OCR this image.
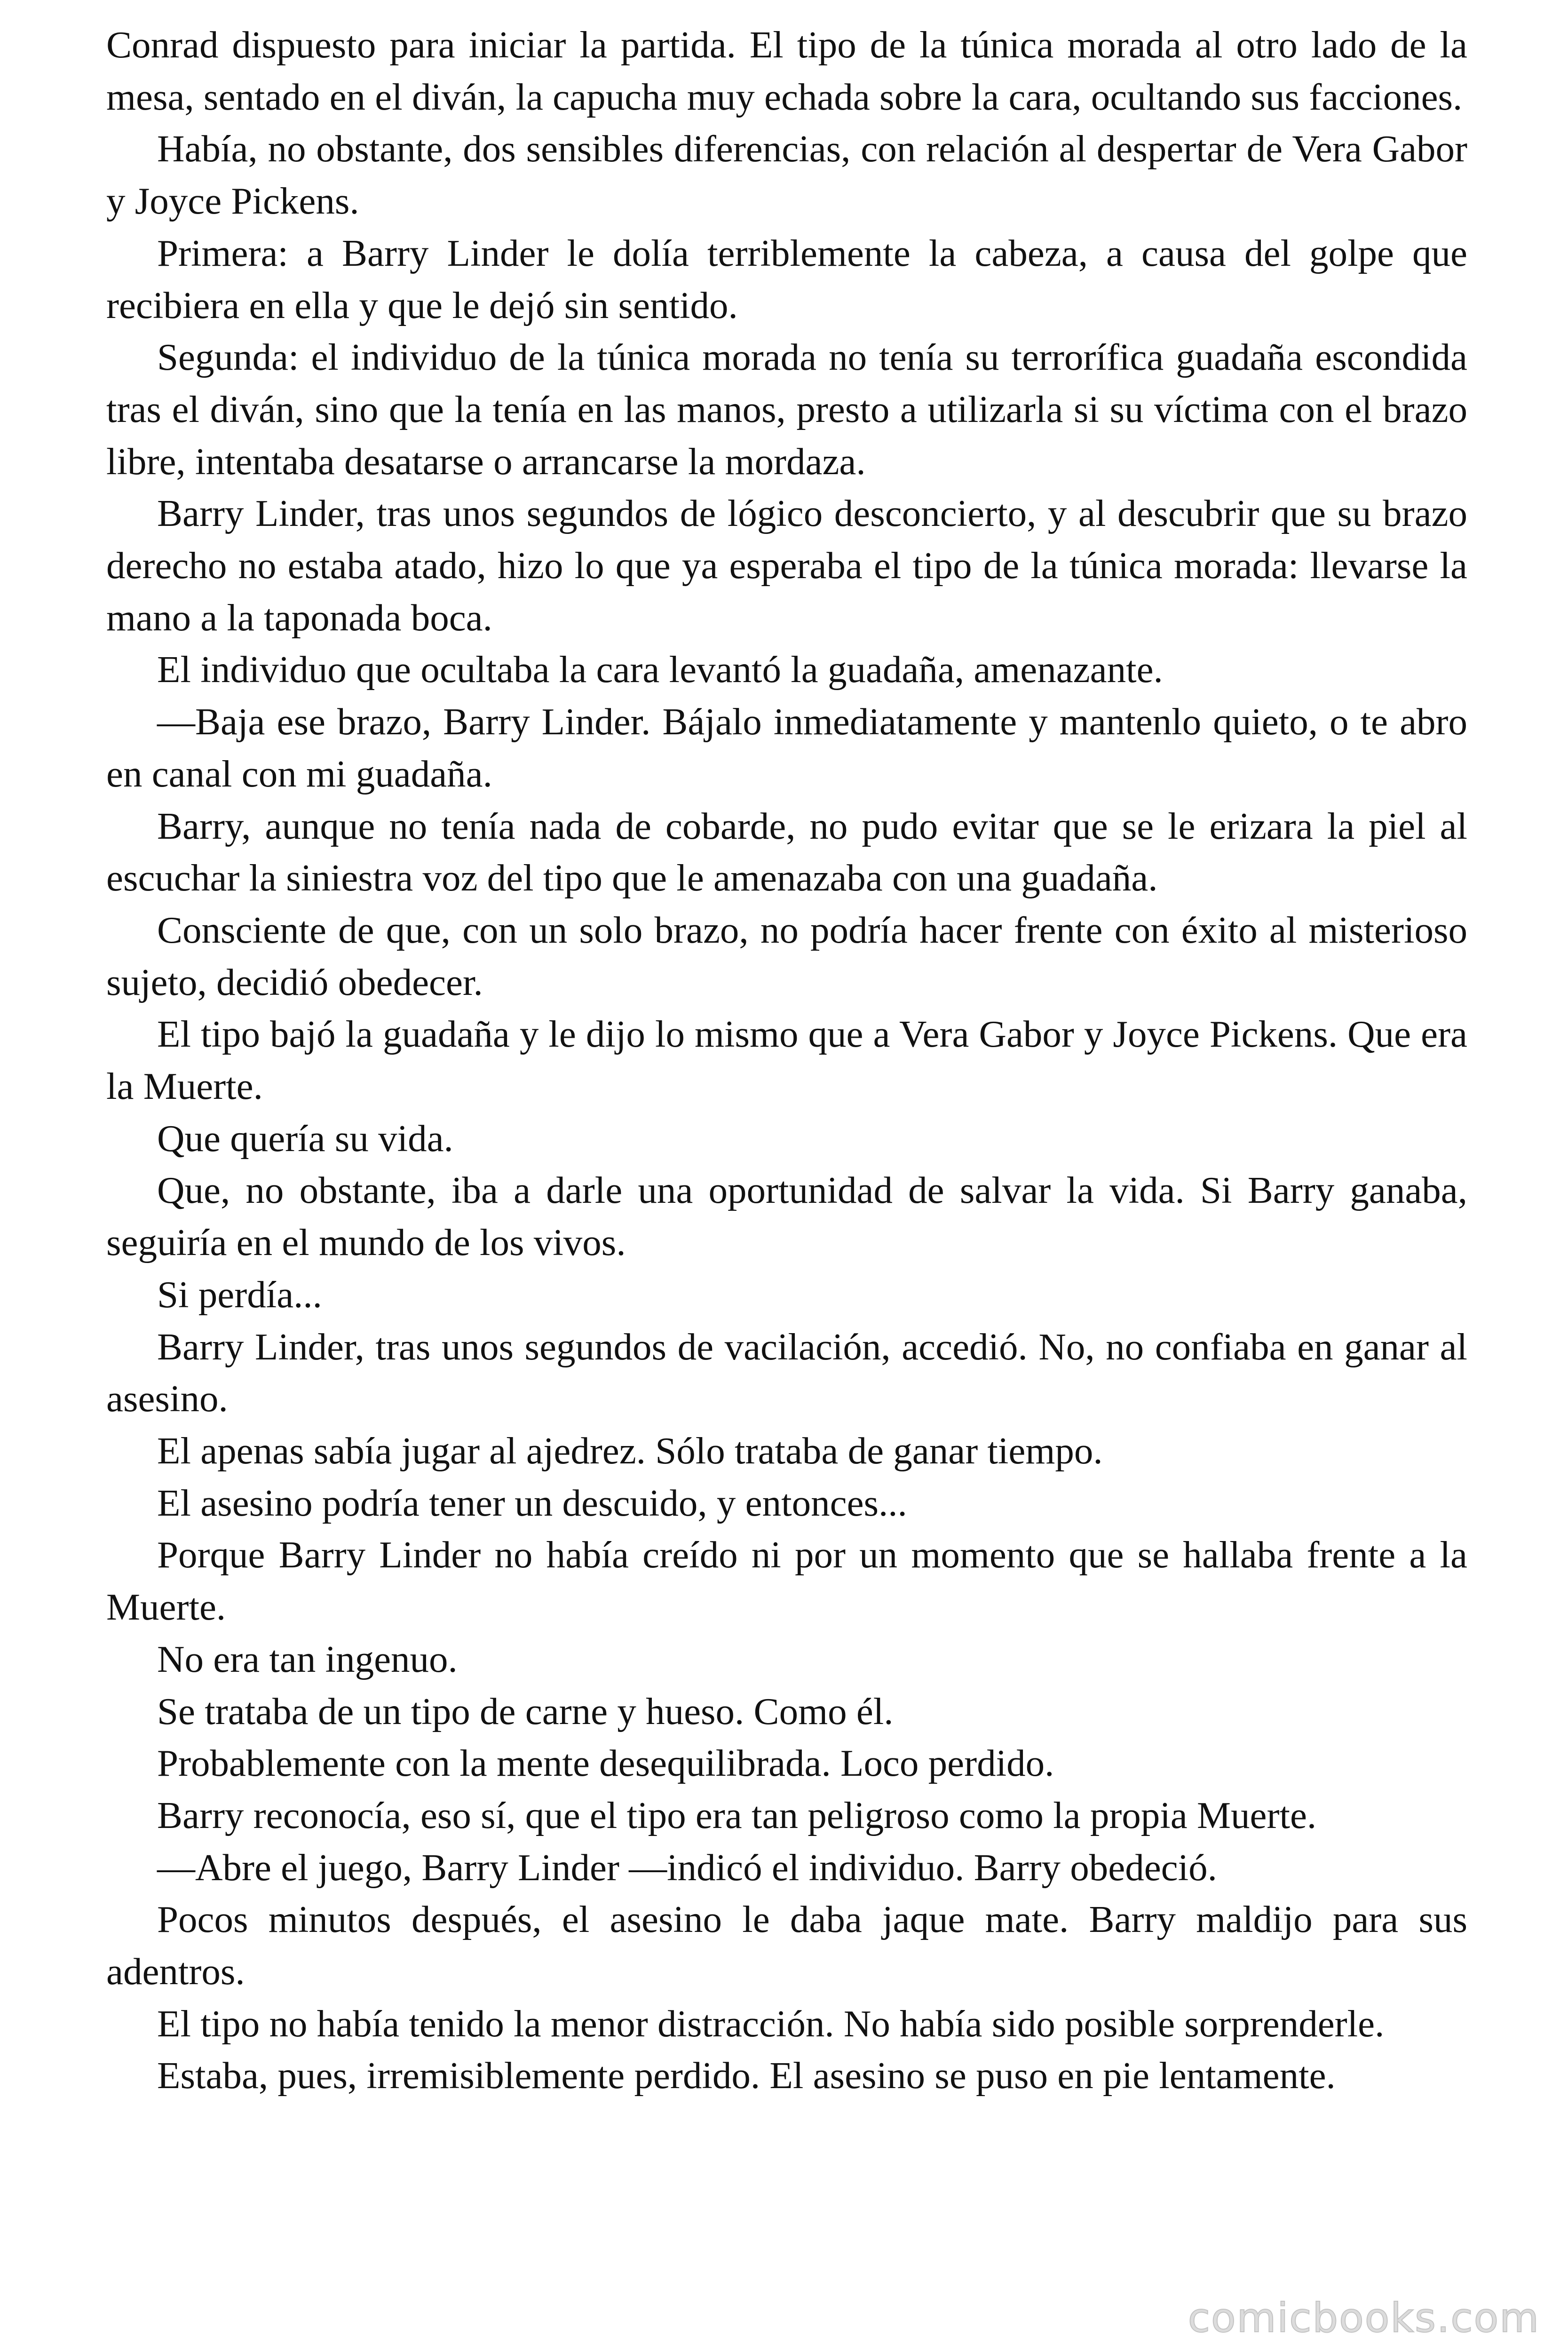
Conrad dispuesto para iniciar la partida. El tipo de la túnica morada al otro lado de la mesa, sentado en el diván, la capucha muy echada sobre la cara, ocultando sus facciones.

Había, no obstante, dos sensibles diferencias, con relación al despertar de Vera Gabor y Joyce Pickens.

Primera: a Barry Linder le dolía terriblemente la cabeza, a causa del golpe que recibiera en ella y que le dejó sin sentido.

Segunda: el individuo de la túnica morada no tenía su terrorífica guadaña escondida tras el diván, sino que la tenía en las manos, presto a utilizarla si su víctima con el brazo libre, intentaba desatarse o arrancarse la mordaza.

Barry Linder, tras unos segundos de lógico desconcierto, y al descubrir que su brazo derecho no estaba atado, hizo lo que ya esperaba el tipo de la túnica morada: llevarse la mano a la taponada boca.

El individuo que ocultaba la cara levantó la guadaña, amenazante.

—Baja ese brazo, Barry Linder. Bájalo inmediatamente y mantenlo quieto, o te abro en canal con mi guadaña.

Barry, aunque no tenía nada de cobarde, no pudo evitar que se le erizara la piel al escuchar la siniestra voz del tipo que le amenazaba con una guadaña.

Consciente de que, con un solo brazo, no podría hacer frente con éxito al misterioso sujeto, decidió obedecer.

El tipo bajó la guadaña y le dijo lo mismo que a Vera Gabor y Joyce Pickens. Que era la Muerte.

Que quería su vida.

Que, no obstante, iba a darle una oportunidad de salvar la vida. Si Barry ganaba, seguiría en el mundo de los vivos.

Si perdía...

Barry Linder, tras unos segundos de vacilación, accedió. No, no confiaba en ganar al asesino.

El apenas sabía jugar al ajedrez. Sólo trataba de ganar tiempo.

El asesino podría tener un descuido, y entonces...

Porque Barry Linder no había creído ni por un momento que se hallaba frente a la Muerte.

No era tan ingenuo.

Se trataba de un tipo de carne y hueso. Como él.

Probablemente con la mente desequilibrada. Loco perdido.

Barry reconocía, eso sí, que el tipo era tan peligroso como la propia Muerte.

—Abre el juego, Barry Linder —indicó el individuo. Barry obedeció.

Pocos minutos después, el asesino le daba jaque mate. Barry maldijo para sus adentros.

El tipo no había tenido la menor distracción. No había sido posible sorprenderle.

Estaba, pues, irremisiblemente perdido. El asesino se puso en pie lentamente.

comicbooks.com
